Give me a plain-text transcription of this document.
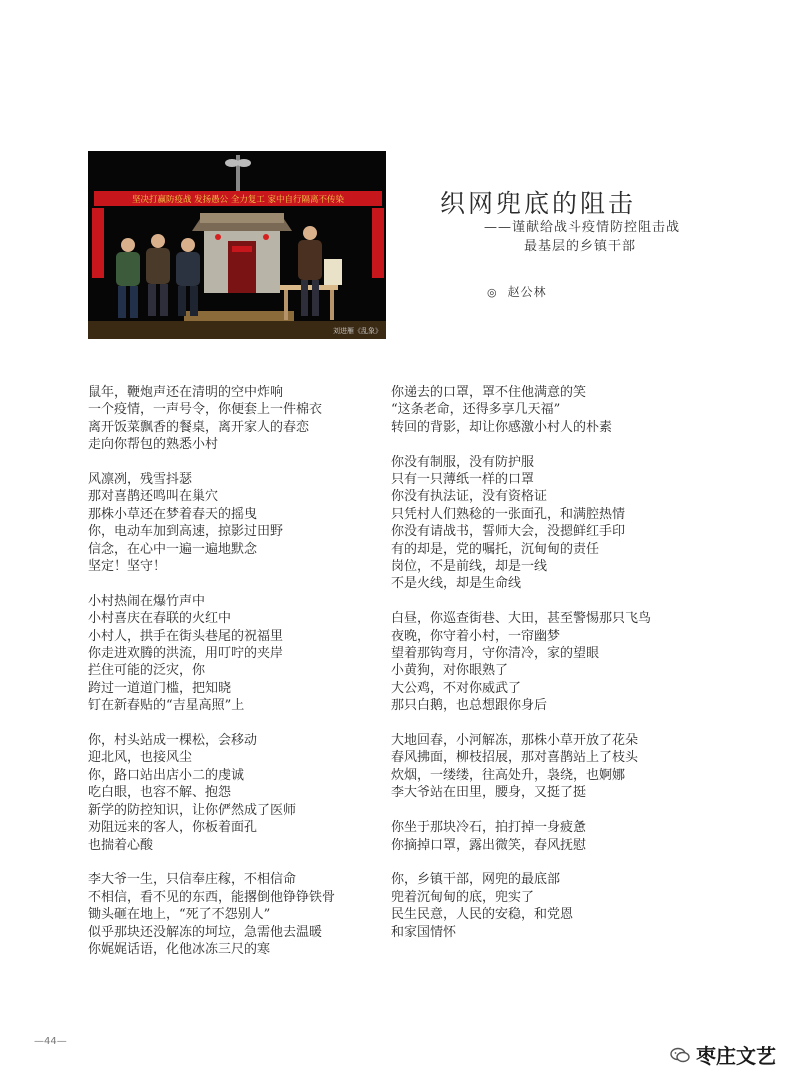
坚决打赢防疫战 发扬愚公 全力复工 家中自行隔离不传染
刘进雁《乱象》
织网兜底的阻击
——谨献给战斗疫情防控阻击战
最基层的乡镇干部
◎ 赵公林
鼠年，鞭炮声还在清明的空中炸响
一个疫情，一声号令，你便套上一件棉衣
离开饭菜飘香的餐桌，离开家人的春恋
走向你帮包的熟悉小村
风凛冽，残雪抖瑟
那对喜鹊还鸣叫在巢穴
那株小草还在梦着春天的摇曳
你，电动车加到高速，掠影过田野
信念，在心中一遍一遍地默念
坚定！坚守！
小村热闹在爆竹声中
小村喜庆在春联的火红中
小村人，拱手在街头巷尾的祝福里
你走进欢腾的洪流，用叮咛的夹岸
拦住可能的泛灾，你
跨过一道道门槛，把知晓
钉在新春贴的“吉星高照”上
你，村头站成一棵松，会移动
迎北风，也接风尘
你，路口站出店小二的虔诚
吃白眼，也容不解、抱怨
新学的防控知识，让你俨然成了医师
劝阻远来的客人，你板着面孔
也揣着心酸
李大爷一生，只信奉庄稼，不相信命
不相信，看不见的东西，能撂倒他铮铮铁骨
锄头砸在地上，“死了不怨别人”
似乎那块还没解冻的坷垃，急需他去温暖
你娓娓话语，化他冰冻三尺的寒
你递去的口罩，罩不住他满意的笑
“这条老命，还得多享几天福”
转回的背影，却让你感激小村人的朴素
你没有制服，没有防护服
只有一只薄纸一样的口罩
你没有执法证，没有资格证
只凭村人们熟稔的一张面孔，和满腔热情
你没有请战书，誓师大会，没摁鲜红手印
有的却是，党的嘱托，沉甸甸的责任
岗位，不是前线，却是一线
不是火线，却是生命线
白昼，你巡查街巷、大田，甚至警惕那只飞鸟
夜晚，你守着小村，一帘幽梦
望着那钩弯月，守你清冷，家的望眼
小黄狗，对你眼熟了
大公鸡，不对你威武了
那只白鹅，也总想跟你身后
大地回春，小河解冻，那株小草开放了花朵
春风拂面，柳枝招展，那对喜鹊站上了枝头
炊烟，一缕缕，往高处升，袅绕，也婀娜
李大爷站在田里，腰身，又挺了挺
你坐于那块冷石，拍打掉一身疲惫
你摘掉口罩，露出微笑，春风抚慰
你，乡镇干部，网兜的最底部
兜着沉甸甸的底，兜实了
民生民意，人民的安稳，和党恩
和家国情怀
—44—
枣庄文艺
